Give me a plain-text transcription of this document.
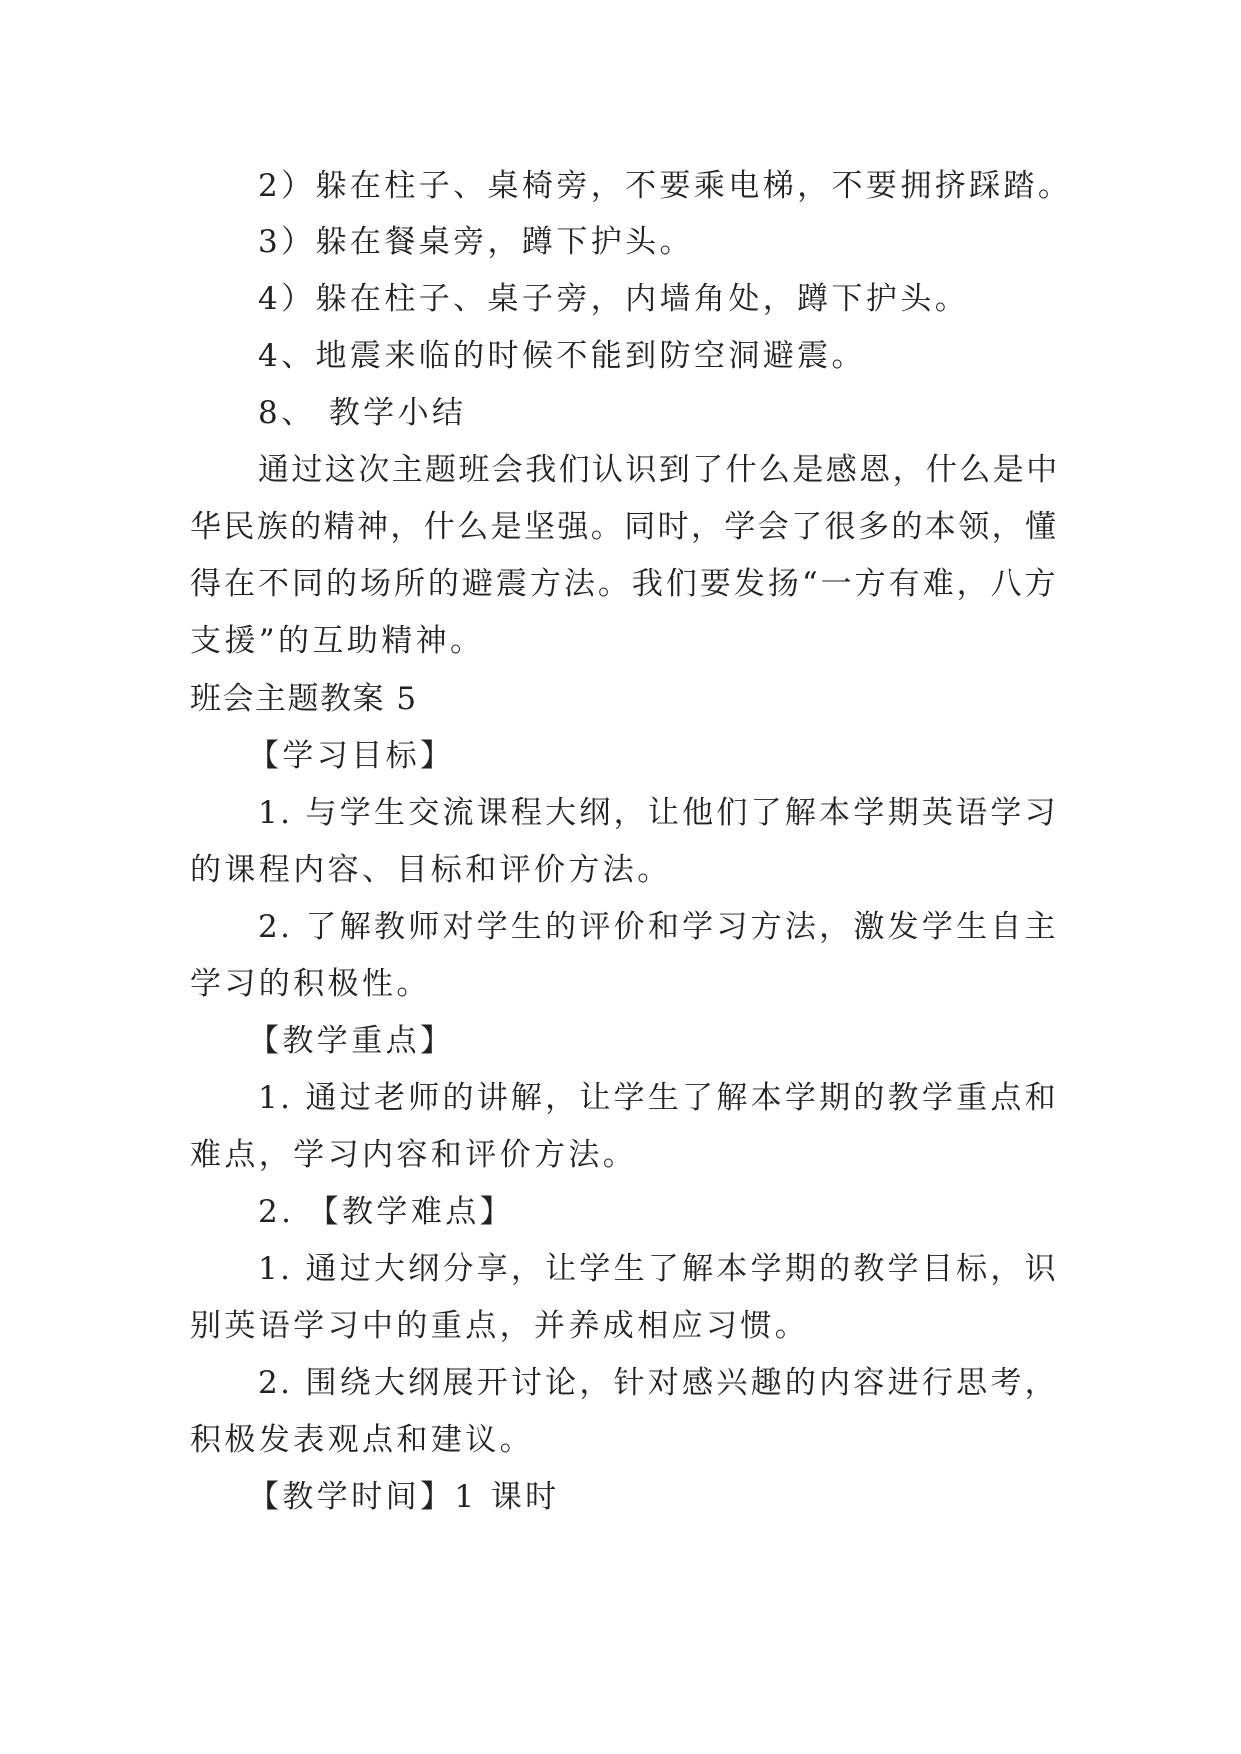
2）躲在柱子、桌椅旁，不要乘电梯，不要拥挤踩踏。
3）躲在餐桌旁，蹲下护头。
4）躲在柱子、桌子旁，内墙角处，蹲下护头。
4、地震来临的时候不能到防空洞避震。
8、 教学小结
通过这次主题班会我们认识到了什么是感恩，什么是中
华民族的精神，什么是坚强。同时，学会了很多的本领，懂
得在不同的场所的避震方法。我们要发扬“一方有难，八方
支援”的互助精神。
班会主题教案 5
【学习目标】
1. 与学生交流课程大纲，让他们了解本学期英语学习
的课程内容、目标和评价方法。
2. 了解教师对学生的评价和学习方法，激发学生自主
学习的积极性。
【教学重点】
1. 通过老师的讲解，让学生了解本学期的教学重点和
难点，学习内容和评价方法。
2. 【教学难点】
1. 通过大纲分享，让学生了解本学期的教学目标，识
别英语学习中的重点，并养成相应习惯。
2. 围绕大纲展开讨论，针对感兴趣的内容进行思考，
积极发表观点和建议。
【教学时间】1 课时
